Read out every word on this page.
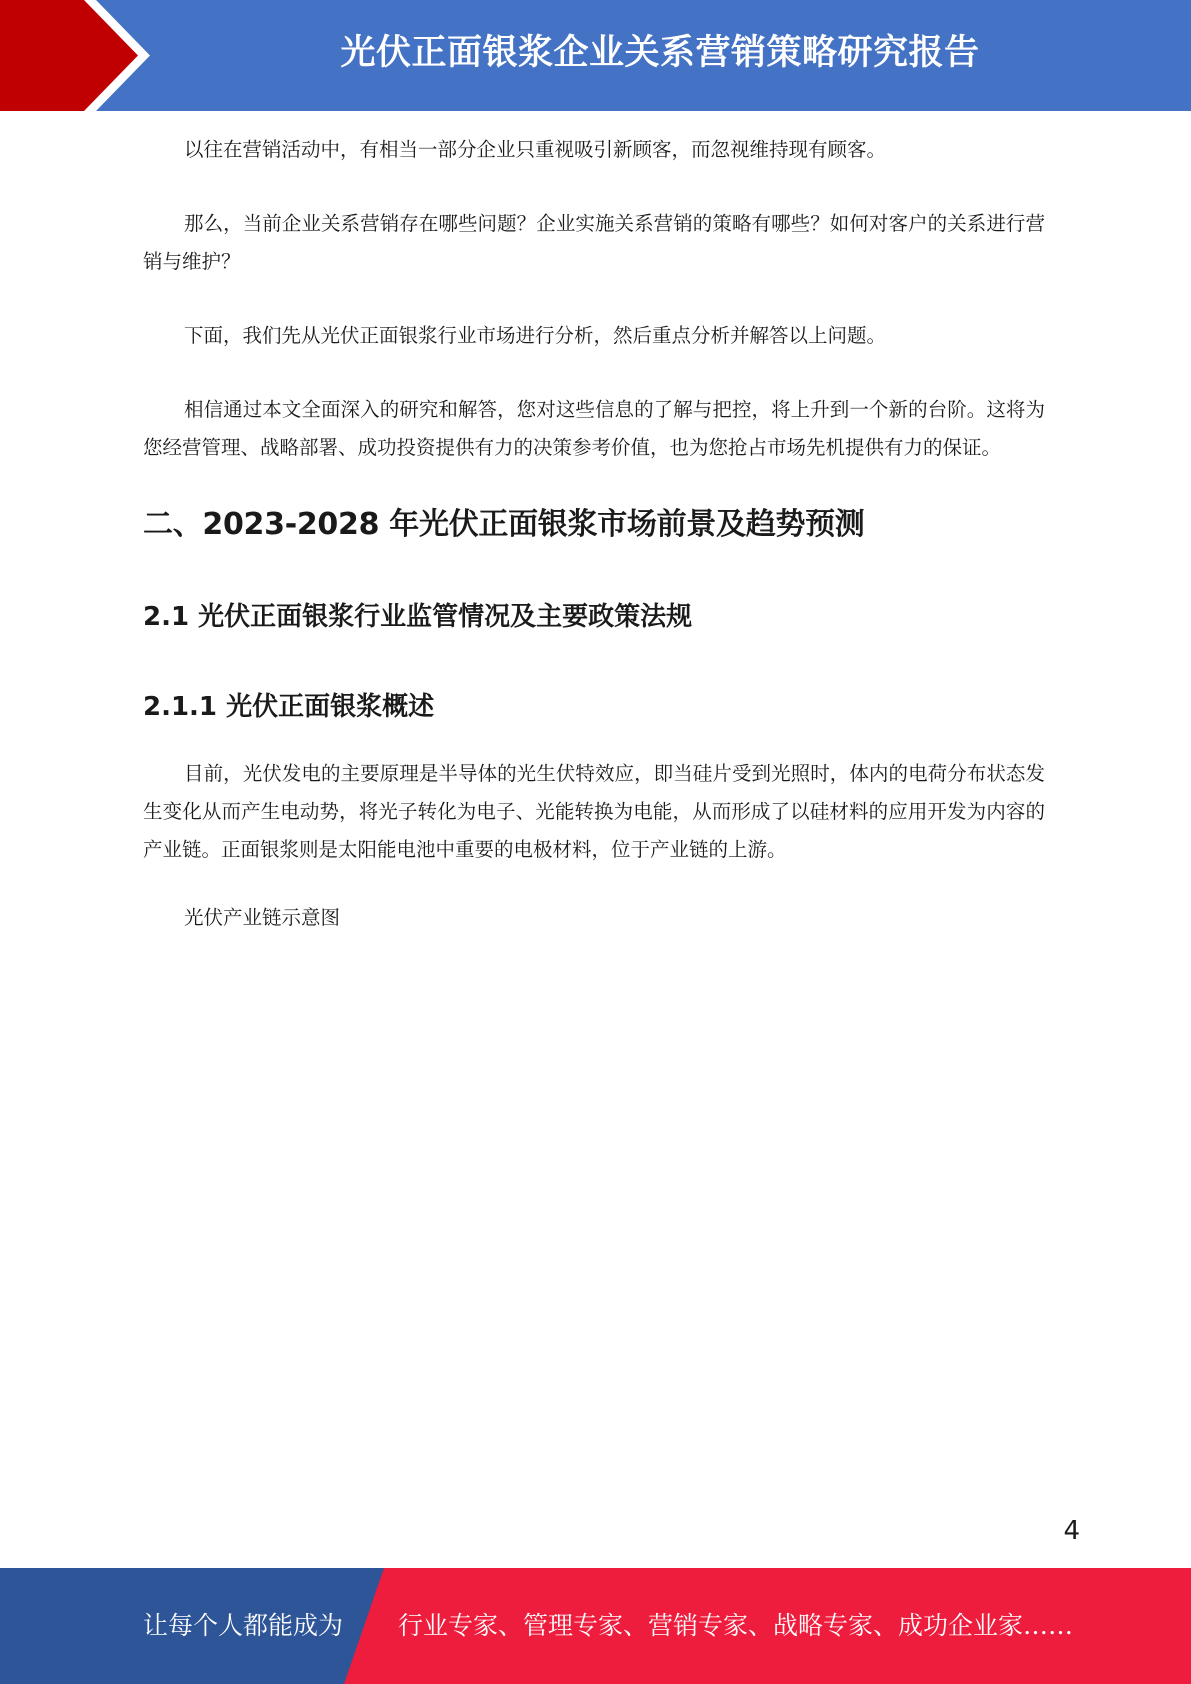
光伏正面银浆企业关系营销策略研究报告

以往在营销活动中，有相当一部分企业只重视吸引新顾客，而忽视维持现有顾客。

那么，当前企业关系营销存在哪些问题？企业实施关系营销的策略有哪些？如何对客户的关系进行营销与维护？

下面，我们先从光伏正面银浆行业市场进行分析，然后重点分析并解答以上问题。

相信通过本文全面深入的研究和解答，您对这些信息的了解与把控，将上升到一个新的台阶。这将为您经营管理、战略部署、成功投资提供有力的决策参考价值，也为您抢占市场先机提供有力的保证。

二、2023-2028 年光伏正面银浆市场前景及趋势预测
2.1 光伏正面银浆行业监管情况及主要政策法规
2.1.1 光伏正面银浆概述

目前，光伏发电的主要原理是半导体的光生伏特效应，即当硅片受到光照时，体内的电荷分布状态发生变化从而产生电动势，将光子转化为电子、光能转换为电能，从而形成了以硅材料的应用开发为内容的产业链。正面银浆则是太阳能电池中重要的电极材料，位于产业链的上游。

光伏产业链示意图

4
让每个人都能成为 行业专家、管理专家、营销专家、战略专家、成功企业家……
